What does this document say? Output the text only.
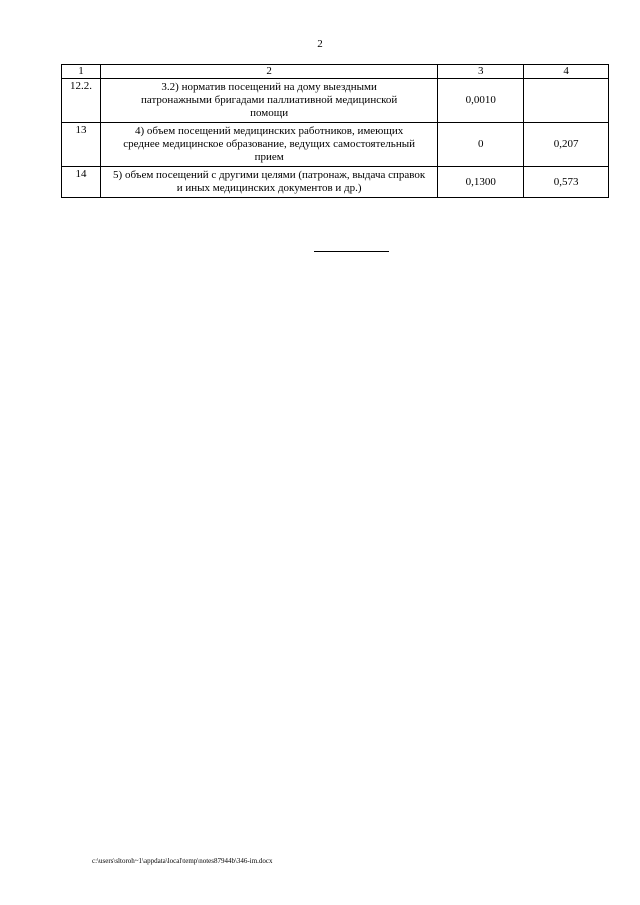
2
1	2	3	4
12.2.	3.2) норматив посещений на дому выездными патронажными бригадами паллиативной медицинской помощи	0,0010	
13	4) объем посещений медицинских работников, имеющих среднее медицинское образование, ведущих самостоятельный прием	0	0,207
14	5) объем посещений с другими целями (патронаж, выдача справок и иных медицинских документов и др.)	0,1300	0,573
c:\users\sltoroh~1\appdata\local\temp\notes87944b\346-im.docx
